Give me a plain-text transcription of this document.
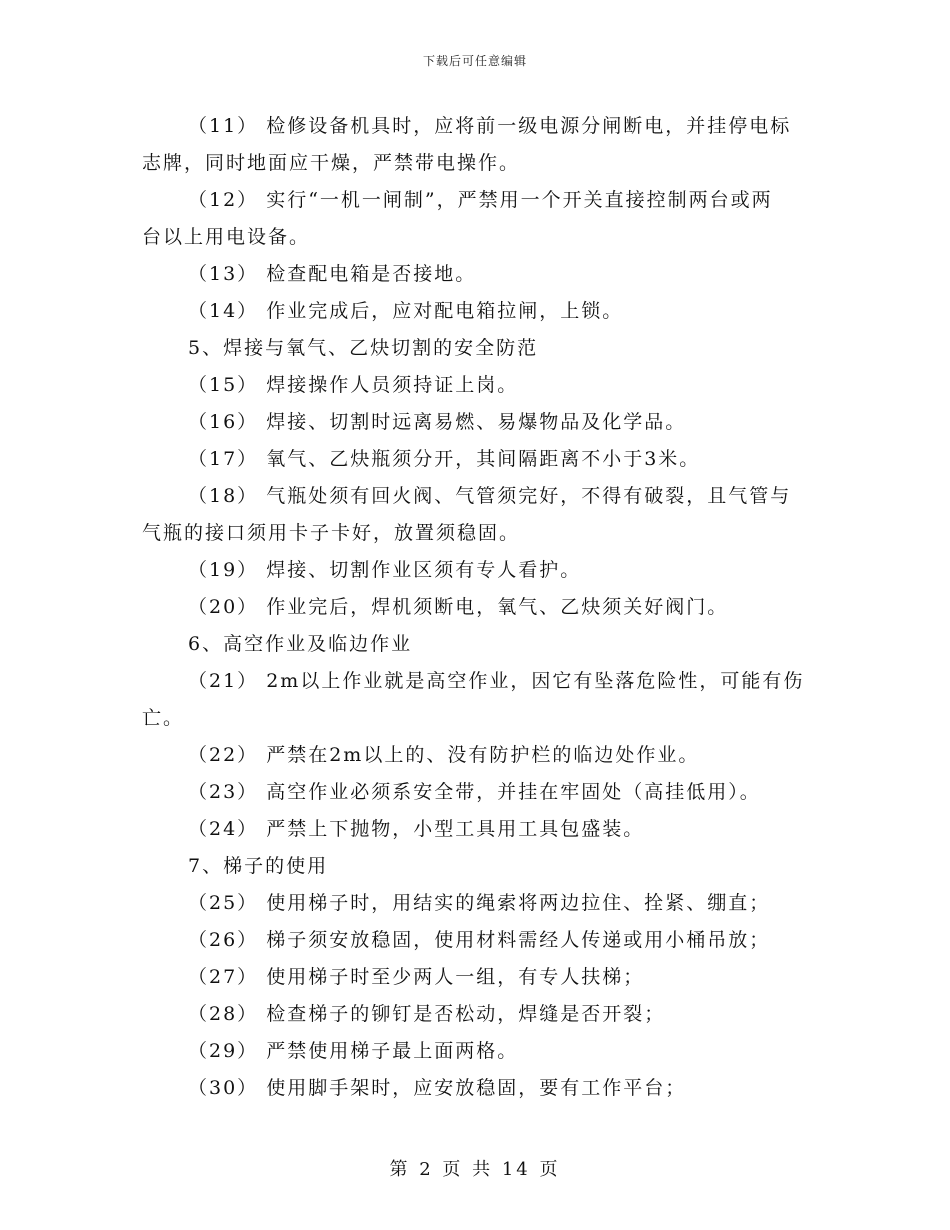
下载后可任意编辑
（11） 检修设备机具时，应将前一级电源分闸断电，并挂停电标
志牌，同时地面应干燥，严禁带电操作。
（12） 实行“一机一闸制”，严禁用一个开关直接控制两台或两
台以上用电设备。
（13） 检查配电箱是否接地。
（14） 作业完成后，应对配电箱拉闸，上锁。
5、焊接与氧气、乙炔切割的安全防范
（15） 焊接操作人员须持证上岗。
（16） 焊接、切割时远离易燃、易爆物品及化学品。
（17） 氧气、乙炔瓶须分开，其间隔距离不小于3米。
（18） 气瓶处须有回火阀、气管须完好，不得有破裂，且气管与
气瓶的接口须用卡子卡好，放置须稳固。
（19） 焊接、切割作业区须有专人看护。
（20） 作业完后，焊机须断电，氧气、乙炔须关好阀门。
6、高空作业及临边作业
（21） 2m以上作业就是高空作业，因它有坠落危险性，可能有伤
亡。
（22） 严禁在2m以上的、没有防护栏的临边处作业。
（23） 高空作业必须系安全带，并挂在牢固处（高挂低用）。
（24） 严禁上下抛物，小型工具用工具包盛装。
7、梯子的使用
（25） 使用梯子时，用结实的绳索将两边拉住、拴紧、绷直；
（26） 梯子须安放稳固，使用材料需经人传递或用小桶吊放；
（27） 使用梯子时至少两人一组，有专人扶梯；
（28） 检查梯子的铆钉是否松动，焊缝是否开裂；
（29） 严禁使用梯子最上面两格。
（30） 使用脚手架时，应安放稳固，要有工作平台；
第 2 页 共 14 页
